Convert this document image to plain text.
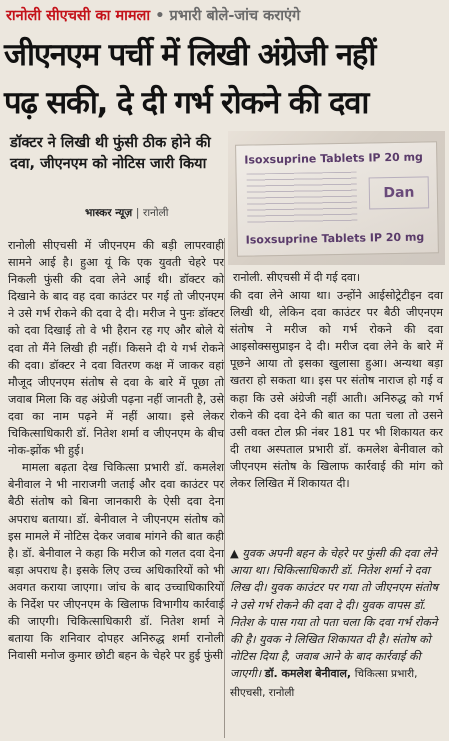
रानोली सीएचसी का मामला • प्रभारी बोले-जांच कराएंगे
जीएनएम पर्ची में लिखी अंग्रेजी नहीं
पढ़ सकी, दे दी गर्भ रोकने की दवा
डॉक्टर ने लिखी थी फुंसी ठीक होने की दवा, जीएनएम को नोटिस जारी किया
भास्कर न्यूज़ | रानोली
Isoxsuprine Tablets IP 20 mg
Dan
Isoxsuprine Tablets IP 20 mg
रानोली. सीएचसी में दी गई दवा।

रानोली सीएचसी में जीएनएम की बड़ी लापरवाही सामने आई है। हुआ यूं कि एक युवती चेहरे पर निकली फुंसी की दवा लेने आई थी। डॉक्टर को दिखाने के बाद वह दवा काउंटर पर गई तो जीएनएम ने उसे गर्भ रोकने की दवा दे दी। मरीज ने पुनः डॉक्टर को दवा दिखाई तो वे भी हैरान रह गए और बोले ये दवा तो मैंने लिखी ही नहीं। किसने दी ये गर्भ रोकने की दवा। डॉक्टर ने दवा वितरण कक्ष में जाकर वहां मौजूद जीएनएम संतोष से दवा के बारे में पूछा तो जवाब मिला कि वह अंग्रेजी पढ़ना नहीं जानती है, उसे दवा का नाम पढ़ने में नहीं आया। इसे लेकर चिकित्साधिकारी डॉ. नितेश शर्मा व जीएनएम के बीच नोक-झोंक भी हुई।

मामला बढ़ता देख चिकित्सा प्रभारी डॉ. कमलेश बेनीवाल ने भी नाराजगी जताई और दवा काउंटर पर बैठी संतोष को बिना जानकारी के ऐसी दवा देना अपराध बताया। डॉ. बेनीवाल ने जीएनएम संतोष को इस मामले में नोटिस देकर जवाब मांगने की बात कही है। डॉ. बेनीवाल ने कहा कि मरीज को गलत दवा देना बड़ा अपराध है। इसके लिए उच्च अधिकारियों को भी अवगत कराया जाएगा। जांच के बाद उच्चाधिकारियों के निर्देश पर जीएनएम के खिलाफ विभागीय कार्रवाई की जाएगी। चिकित्साधिकारी डॉ. नितेश शर्मा ने बताया कि शनिवार दोपहर अनिरुद्ध शर्मा रानोली निवासी मनोज कुमार छोटी बहन के चेहरे पर हुई फुंसी

की दवा लेने आया था। उन्होंने आईसोट्रेटीइन दवा लिखी थी, लेकिन दवा काउंटर पर बैठी जीएनएम संतोष ने मरीज को गर्भ रोकने की दवा आइसोक्ससुप्राइन दे दी। मरीज दवा लेने के बारे में पूछने आया तो इसका खुलासा हुआ। अन्यथा बड़ा खतरा हो सकता था। इस पर संतोष नाराज हो गई व कहा कि उसे अंग्रेजी नहीं आती। अनिरुद्ध को गर्भ रोकने की दवा देने की बात का पता चला तो उसने उसी वक्त टोल फ्री नंबर 181 पर भी शिकायत कर दी तथा अस्पताल प्रभारी डॉ. कमलेश बेनीवाल को जीएनएम संतोष के खिलाफ कार्रवाई की मांग को लेकर लिखित में शिकायत दी।

▲ युवक अपनी बहन के चेहरे पर फुंसी की दवा लेने आया था। चिकित्साधिकारी डॉ. नितेश शर्मा ने दवा लिख दी। युवक काउंटर पर गया तो जीएनएम संतोष ने उसे गर्भ रोकने की दवा दे दी। युवक वापस डॉ. नितेश के पास गया तो पता चला कि दवा गर्भ रोकने की है। युवक ने लिखित शिकायत दी है। संतोष को नोटिस दिया है, जवाब आने के बाद कार्रवाई की जाएगी। डॉ. कमलेश बेनीवाल, चिकित्सा प्रभारी, सीएचसी, रानोली
